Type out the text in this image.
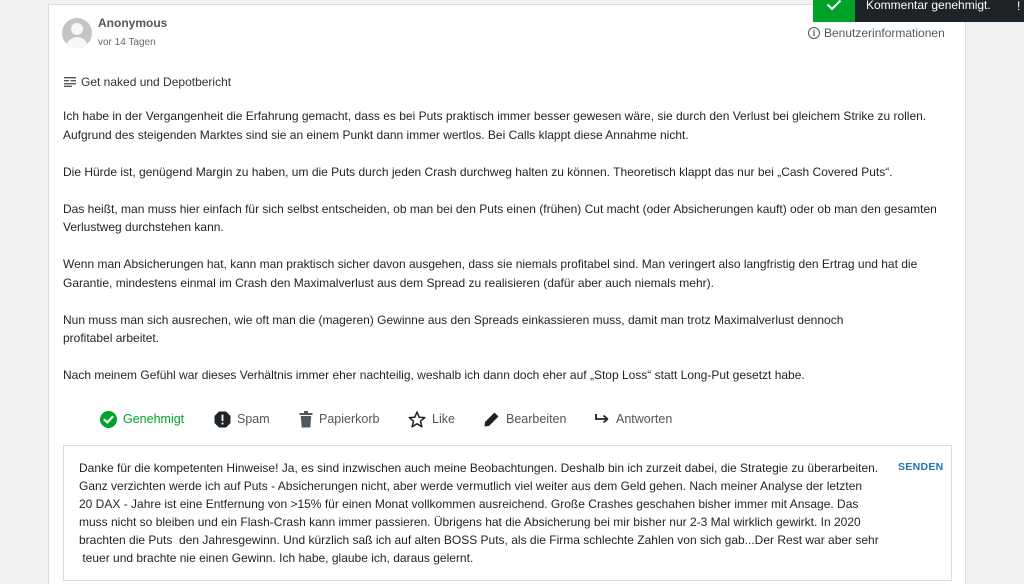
Anonymous
vor 14 Tagen
i Benutzerinformationen
Get naked und Depotbericht

Ich habe in der Vergangenheit die Erfahrung gemacht, dass es bei Puts praktisch immer besser gewesen wäre, sie durch den Verlust bei gleichem Strike zu rollen. Aufgrund des steigenden Marktes sind sie an einem Punkt dann immer wertlos. Bei Calls klappt diese Annahme nicht.

Die Hürde ist, genügend Margin zu haben, um die Puts durch jeden Crash durchweg halten zu können. Theoretisch klappt das nur bei „Cash Covered Puts“.

Das heißt, man muss hier einfach für sich selbst entscheiden, ob man bei den Puts einen (frühen) Cut macht (oder Absicherungen kauft) oder ob man den gesamten Verlustweg durchstehen kann.

Wenn man Absicherungen hat, kann man praktisch sicher davon ausgehen, dass sie niemals profitabel sind. Man veringert also langfristig den Ertrag und hat die Garantie, mindestens einmal im Crash den Maximalverlust aus dem Spread zu realisieren (dafür aber auch niemals mehr).

Nun muss man sich ausrechen, wie oft man die (mageren) Gewinne aus den Spreads einkassieren muss, damit man trotz Maximalverlust dennoch
profitabel arbeitet.

Nach meinem Gefühl war dieses Verhältnis immer eher nachteilig, weshalb ich dann doch eher auf „Stop Loss“ statt Long-Put gesetzt habe.

Genehmigt	Spam	Papierkorb	Like	Bearbeiten	Antworten
Danke für die kompetenten Hinweise! Ja, es sind inzwischen auch meine Beobachtungen. Deshalb bin ich zurzeit dabei, die Strategie zu überarbeiten.
Ganz verzichten werde ich auf Puts - Absicherungen nicht, aber werde vermutlich viel weiter aus dem Geld gehen. Nach meiner Analyse der letzten
20 DAX - Jahre ist eine Entfernung von >15% für einen Monat vollkommen ausreichend. Große Crashes geschahen bisher immer mit Ansage. Das
muss nicht so bleiben und ein Flash-Crash kann immer passieren. Übrigens hat die Absicherung bei mir bisher nur 2-3 Mal wirklich gewirkt. In 2020
brachten die Puts  den Jahresgewinn. Und kürzlich saß ich auf alten BOSS Puts, als die Firma schlechte Zahlen von sich gab...Der Rest war aber sehr
teuer und brachte nie einen Gewinn. Ich habe, glaube ich, daraus gelernt.
SENDEN
Kommentar genehmigt. !
